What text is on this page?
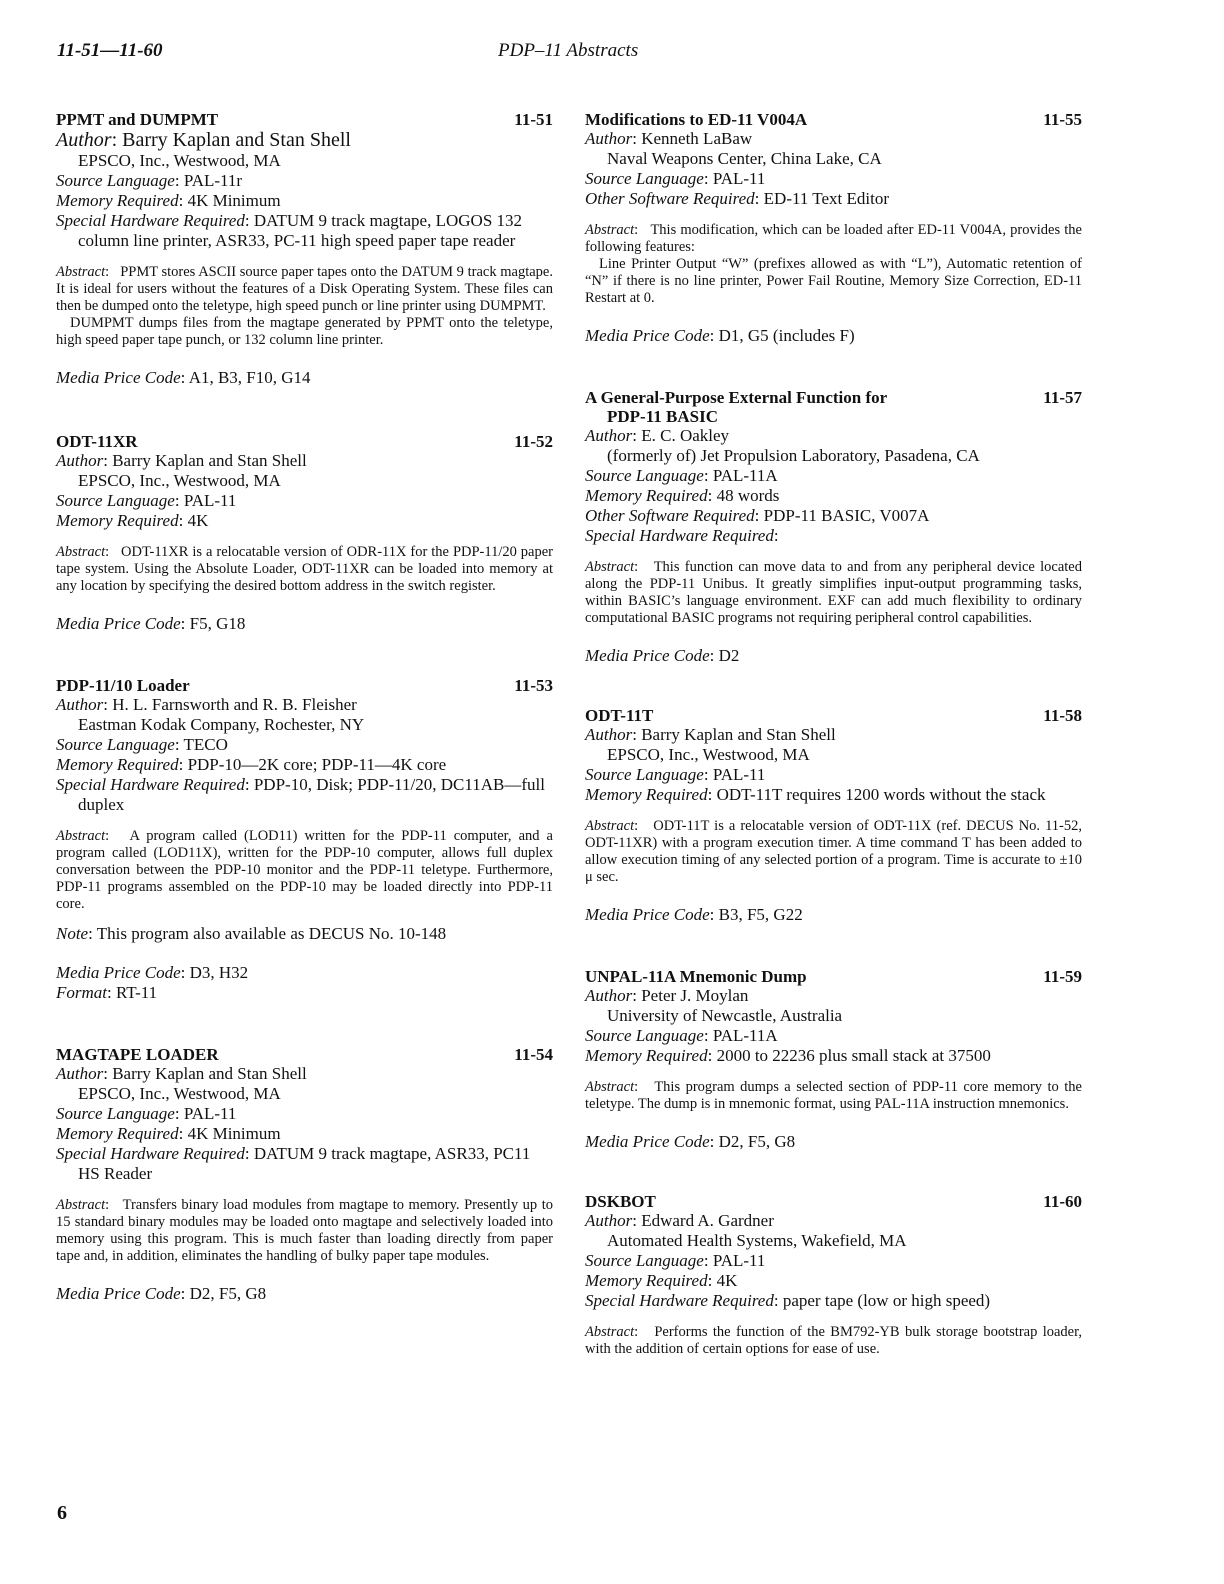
11-51—11-60	PDP–11 Abstracts
PPMT and DUMPMT	11-51
Author: Barry Kaplan and Stan Shell
EPSCO, Inc., Westwood, MA
Source Language: PAL-11r
Memory Required: 4K Minimum
Special Hardware Required: DATUM 9 track magtape, LOGOS 132 column line printer, ASR33, PC-11 high speed paper tape reader
Abstract:   PPMT stores ASCII source paper tapes onto the DATUM 9 track magtape. It is ideal for users without the features of a Disk Operating System. These files can then be dumped onto the teletype, high speed punch or line printer using DUMPMT.
DUMPMT dumps files from the magtape generated by PPMT onto the teletype, high speed paper tape punch, or 132 column line printer.
Media Price Code: A1, B3, F10, G14
ODT-11XR	11-52
Author: Barry Kaplan and Stan Shell
EPSCO, Inc., Westwood, MA
Source Language: PAL-11
Memory Required: 4K
Abstract:   ODT-11XR is a relocatable version of ODR-11X for the PDP-11/20 paper tape system. Using the Absolute Loader, ODT-11XR can be loaded into memory at any location by specifying the desired bottom address in the switch register.
Media Price Code: F5, G18
PDP-11/10 Loader	11-53
Author: H. L. Farnsworth and R. B. Fleisher
Eastman Kodak Company, Rochester, NY
Source Language: TECO
Memory Required: PDP-10—2K core; PDP-11—4K core
Special Hardware Required: PDP-10, Disk; PDP-11/20, DC11AB—full duplex
Abstract:   A program called (LOD11) written for the PDP-11 computer, and a program called (LOD11X), written for the PDP-10 computer, allows full duplex conversation between the PDP-10 monitor and the PDP-11 teletype. Furthermore, PDP-11 programs assembled on the PDP-10 may be loaded directly into PDP-11 core.
Note: This program also available as DECUS No. 10-148
Media Price Code: D3, H32
Format: RT-11
MAGTAPE LOADER	11-54
Author: Barry Kaplan and Stan Shell
EPSCO, Inc., Westwood, MA
Source Language: PAL-11
Memory Required: 4K Minimum
Special Hardware Required: DATUM 9 track magtape, ASR33, PC11 HS Reader
Abstract:   Transfers binary load modules from magtape to memory. Presently up to 15 standard binary modules may be loaded onto magtape and selectively loaded into memory using this program. This is much faster than loading directly from paper tape and, in addition, eliminates the handling of bulky paper tape modules.
Media Price Code: D2, F5, G8
Modifications to ED-11 V004A	11-55
Author: Kenneth LaBaw
Naval Weapons Center, China Lake, CA
Source Language: PAL-11
Other Software Required: ED-11 Text Editor
Abstract:   This modification, which can be loaded after ED-11 V004A, provides the following features:
Line Printer Output “W” (prefixes allowed as with “L”), Automatic retention of “N” if there is no line printer, Power Fail Routine, Memory Size Correction, ED-11 Restart at 0.
Media Price Code: D1, G5 (includes F)
A General-Purpose External Function for	11-57
PDP-11 BASIC
Author: E. C. Oakley
(formerly of) Jet Propulsion Laboratory, Pasadena, CA
Source Language: PAL-11A
Memory Required: 48 words
Other Software Required: PDP-11 BASIC, V007A
Special Hardware Required:
Abstract:   This function can move data to and from any peripheral device located along the PDP-11 Unibus. It greatly simplifies input-output programming tasks, within BASIC’s language environment. EXF can add much flexibility to ordinary computational BASIC programs not requiring peripheral control capabilities.
Media Price Code: D2
ODT-11T	11-58
Author: Barry Kaplan and Stan Shell
EPSCO, Inc., Westwood, MA
Source Language: PAL-11
Memory Required: ODT-11T requires 1200 words without the stack
Abstract:   ODT-11T is a relocatable version of ODT-11X (ref. DECUS No. 11-52, ODT-11XR) with a program execution timer. A time command T has been added to allow execution timing of any selected portion of a program. Time is accurate to ±10 μ sec.
Media Price Code: B3, F5, G22
UNPAL-11A Mnemonic Dump	11-59
Author: Peter J. Moylan
University of Newcastle, Australia
Source Language: PAL-11A
Memory Required: 2000 to 22236 plus small stack at 37500
Abstract:   This program dumps a selected section of PDP-11 core memory to the teletype. The dump is in mnemonic format, using PAL-11A instruction mnemonics.
Media Price Code: D2, F5, G8
DSKBOT	11-60
Author: Edward A. Gardner
Automated Health Systems, Wakefield, MA
Source Language: PAL-11
Memory Required: 4K
Special Hardware Required: paper tape (low or high speed)
Abstract:   Performs the function of the BM792-YB bulk storage bootstrap loader, with the addition of certain options for ease of use.
6
